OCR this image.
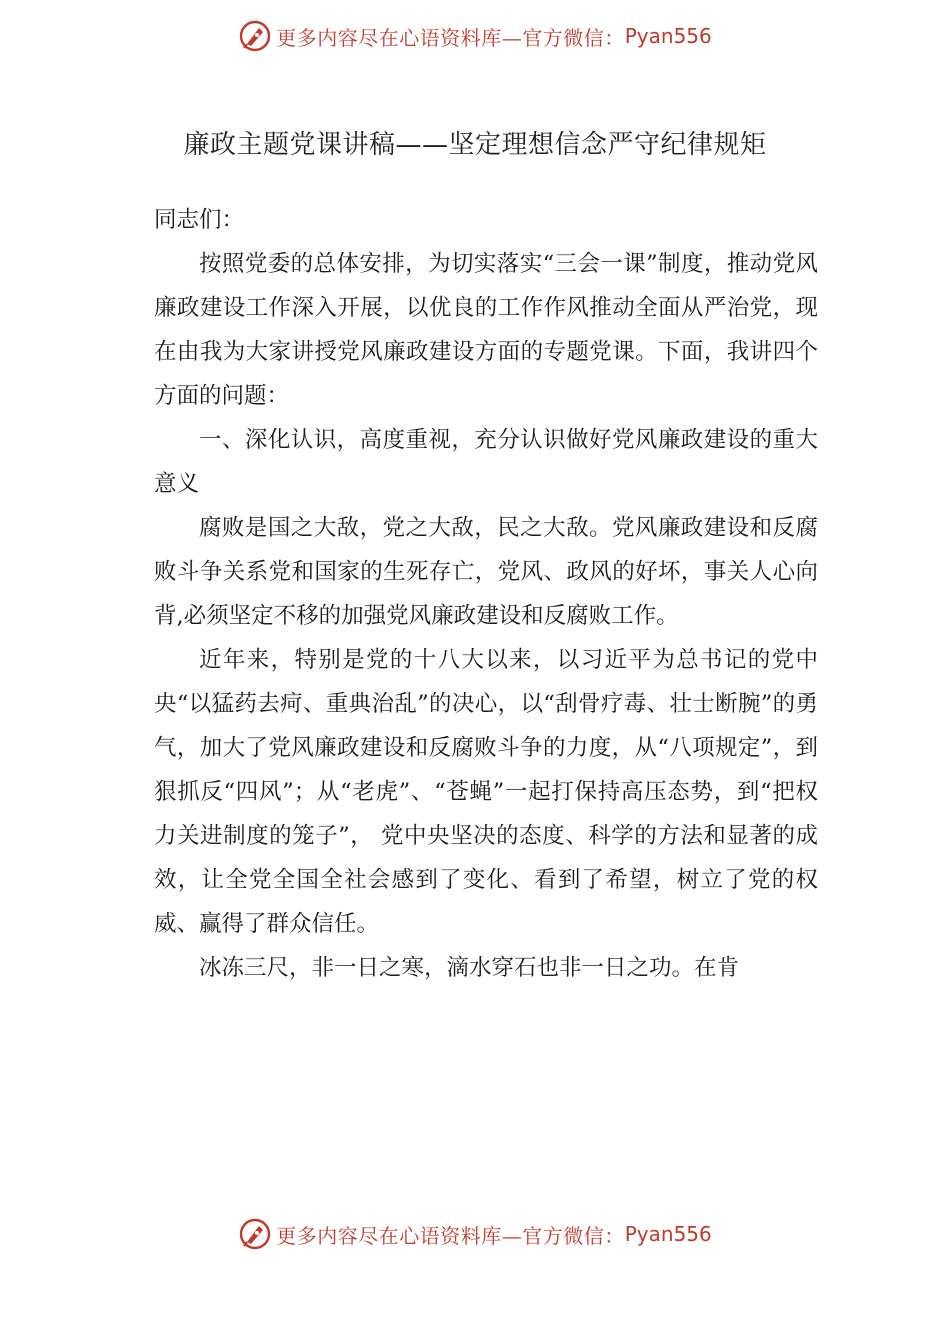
更多内容尽在心语资料库—官方微信： Pyan556
廉政主题党课讲稿——坚定理想信念严守纪律规矩

同志们：

按照党委的总体安排，为切实落实“三会一课”制度，推动党风廉政建设工作深入开展，以优良的工作作风推动全面从严治党，现在由我为大家讲授党风廉政建设方面的专题党课。下面，我讲四个方面的问题：

一、深化认识，高度重视，充分认识做好党风廉政建设的重大意义

腐败是国之大敌，党之大敌，民之大敌。党风廉政建设和反腐败斗争关系党和国家的生死存亡，党风、政风的好坏，事关人心向背,必须坚定不移的加强党风廉政建设和反腐败工作。

近年来，特别是党的十八大以来，以习近平为总书记的党中央“以猛药去疴、重典治乱”的决心，以“刮骨疗毒、壮士断腕”的勇气，加大了党风廉政建设和反腐败斗争的力度，从“八项规定”，到狠抓反“四风”；从“老虎”、“苍蝇”一起打保持高压态势，到“把权力关进制度的笼子”， 党中央坚决的态度、科学的方法和显著的成效，让全党全国全社会感到了变化、看到了希望，树立了党的权威、赢得了群众信任。

冰冻三尺，非一日之寒，滴水穿石也非一日之功。在肯

更多内容尽在心语资料库—官方微信： Pyan556
